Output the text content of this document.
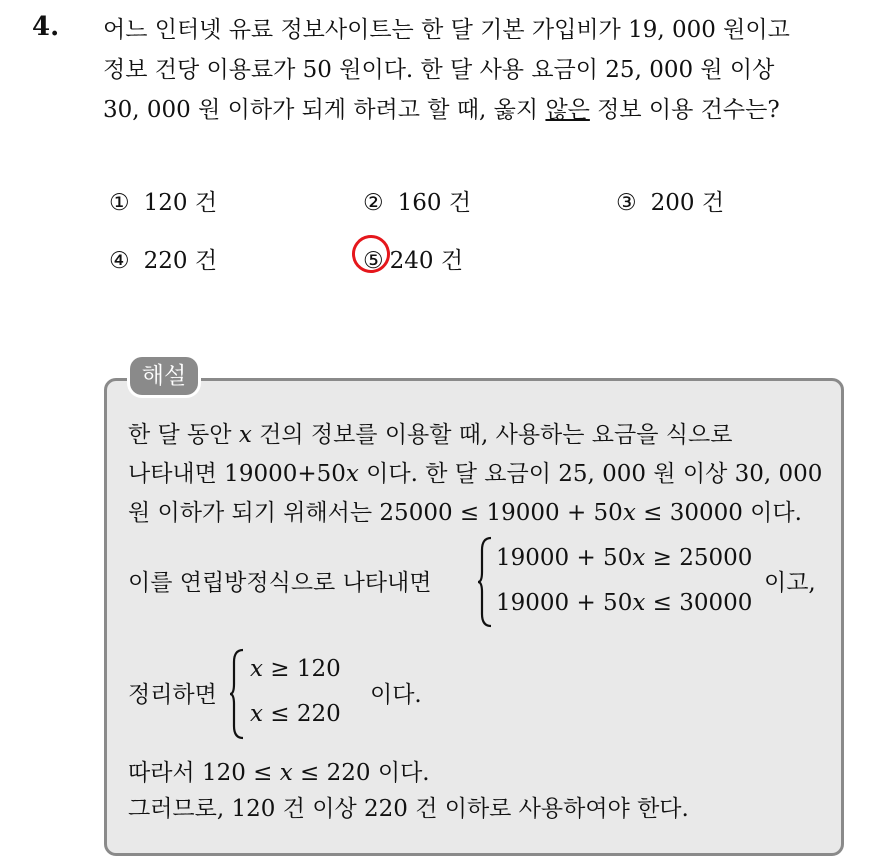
4. 어느 인터넷 유료 정보사이트는 한 달 기본 가입비가 19, 000 원이고
정보 건당 이용료가 50 원이다. 한 달 사용 요금이 25, 000 원 이상
30, 000 원 이하가 되게 하려고 할 때, 옳지 않은 정보 이용 건수는?
① 120 건	② 160 건	③ 200 건
④ 220 건	⑤ 240 건
해설
한 달 동안 x 건의 정보를 이용할 때, 사용하는 요금을 식으로
나타내면 19000+50x 이다. 한 달 요금이 25, 000 원 이상 30, 000
원 이하가 되기 위해서는 25000 ≤ 19000 + 50x ≤ 30000 이다.
이를 연립방정식으로 나타내면
19000 + 50x ≥ 25000
19000 + 50x ≤ 30000
이고,
정리하면
x ≥ 120
x ≤ 220
이다.
따라서 120 ≤ x ≤ 220 이다.
그러므로, 120 건 이상 220 건 이하로 사용하여야 한다.
